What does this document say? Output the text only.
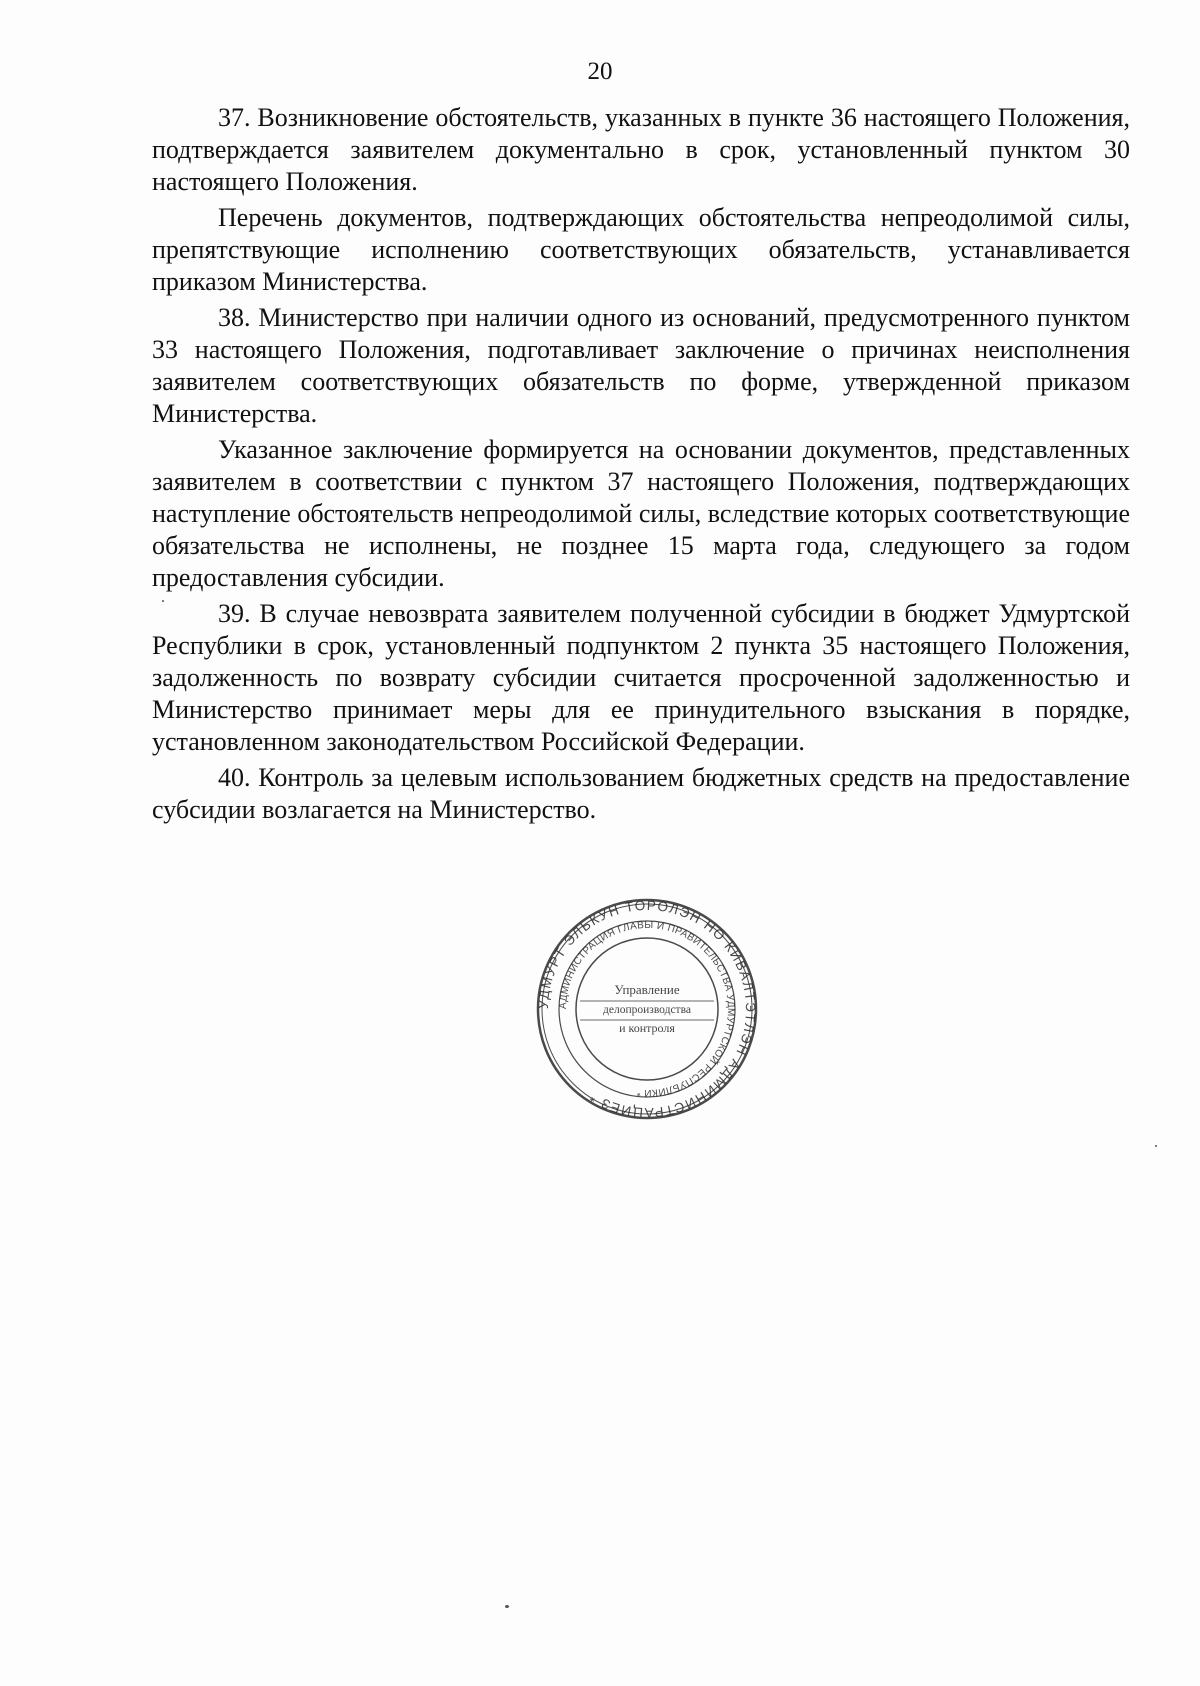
20

37. Возникновение обстоятельств, указанных в пункте 36 настоящего Положения, подтверждается заявителем документально в срок, установленный пунктом 30 настоящего Положения.

Перечень документов, подтверждающих обстоятельства непреодолимой силы, препятствующие исполнению соответствующих обязательств, устанавливается приказом Министерства.

38. Министерство при наличии одного из оснований, предусмотренного пунктом 33 настоящего Положения, подготавливает заключение о причинах неисполнения заявителем соответствующих обязательств по форме, утвержденной приказом Министерства.

Указанное заключение формируется на основании документов, представленных заявителем в соответствии с пунктом 37 настоящего Положения, подтверждающих наступление обстоятельств непреодолимой силы, вследствие которых соответствующие обязательства не исполнены, не позднее 15 марта года, следующего за годом предоставления субсидии.

39. В случае невозврата заявителем полученной субсидии в бюджет Удмуртской Республики в срок, установленный подпунктом 2 пункта 35 настоящего Положения, задолженность по возврату субсидии считается просроченной задолженностью и Министерство принимает меры для ее принудительного взыскания в порядке, установленном законодательством Российской Федерации.

40. Контроль за целевым использованием бюджетных средств на предоставление субсидии возлагается на Министерство.

УДМУРТ ЭЛЬКУН ТОРОЛЭН НО КИВАЛТЭТЛЭН АДМИНИСТРАЦИЕЗ *
АДМИНИСТРАЦИЯ ГЛАВЫ И ПРАВИТЕЛЬСТВА УДМУРТСКОЙ РЕСПУБЛИКИ *
Управление
делопроизводства
и контроля
